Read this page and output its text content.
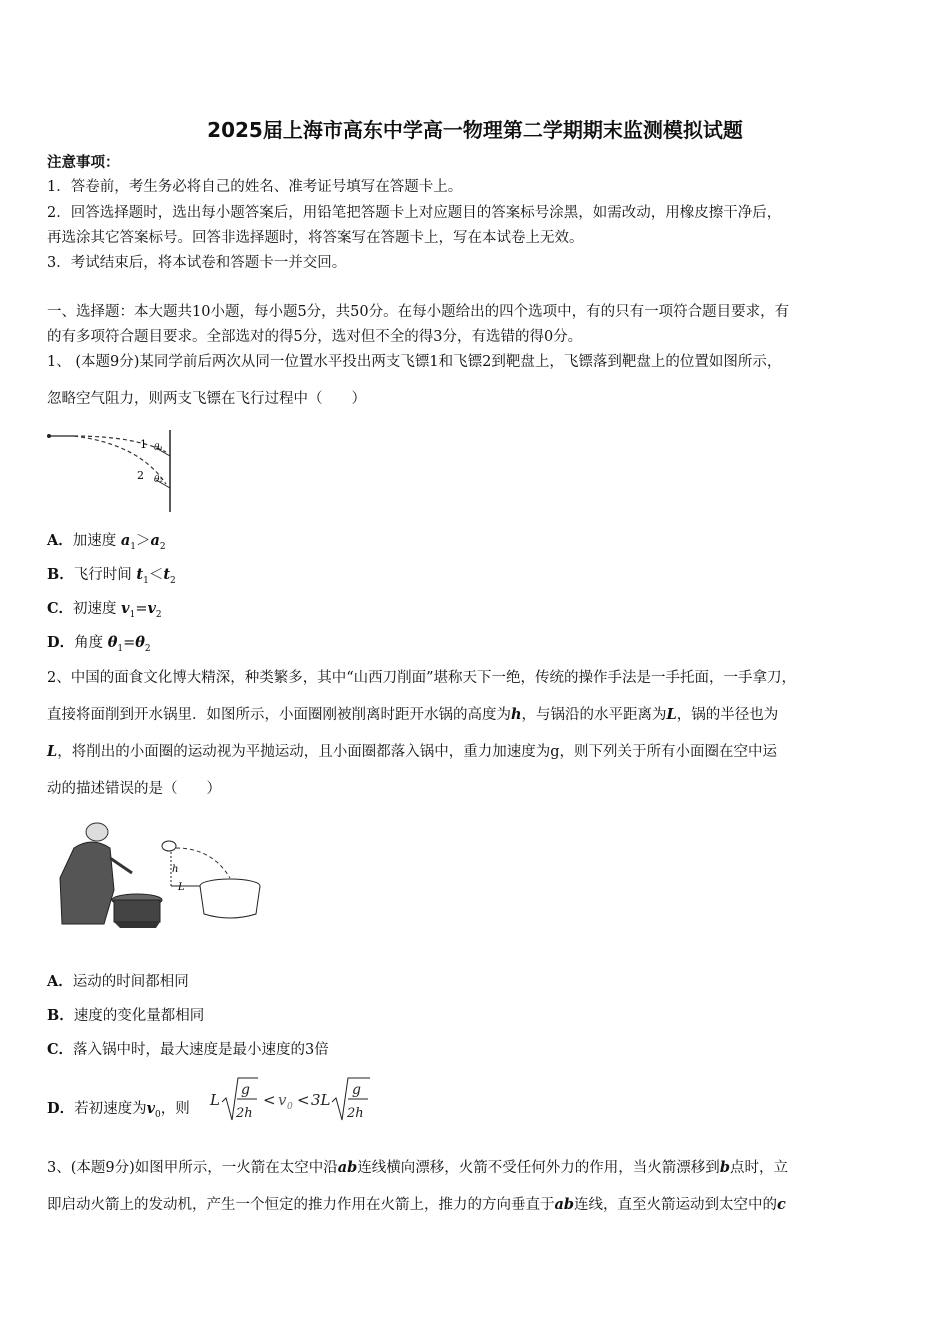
2025届上海市高东中学高一物理第二学期期末监测模拟试题
注意事项：
1．答卷前，考生务必将自己的姓名、准考证号填写在答题卡上。
2．回答选择题时，选出每小题答案后，用铅笔把答题卡上对应题目的答案标号涂黑，如需改动，用橡皮擦干净后，
再选涂其它答案标号。回答非选择题时，将答案写在答题卡上，写在本试卷上无效。
3．考试结束后，将本试卷和答题卡一并交回。
一、选择题：本大题共10小题，每小题5分，共50分。在每小题给出的四个选项中，有的只有一项符合题目要求，有
的有多项符合题目要求。全部选对的得5分，选对但不全的得3分，有选错的得0分。
1、 (本题9分)某同学前后两次从同一位置水平投出两支飞镖1和飞镖2到靶盘上，飞镖落到靶盘上的位置如图所示，
忽略空气阻力，则两支飞镖在飞行过程中（　　）
1
2
θ₁
θ₂
A．加速度 $a_1>a_2$
B．飞行时间 $t_1<t_2$
C．初速度 $v_1=v_2$
D．角度 $\theta_1=\theta_2$
2、中国的面食文化博大精深，种类繁多，其中“山西刀削面”堪称天下一绝，传统的操作手法是一手托面，一手拿刀，
直接将面削到开水锅里．如图所示，小面圈刚被削离时距开水锅的高度为h，与锅沿的水平距离为L，锅的半径也为
L，将削出的小面圈的运动视为平抛运动，且小面圈都落入锅中，重力加速度为g，则下列关于所有小面圈在空中运
动的描述错误的是（　　）
h
L
A．运动的时间都相同
B．速度的变化量都相同
C．落入锅中时，最大速度是最小速度的3倍
D．若初速度为$v_0$，则 L
g
2h
< v 0 < 3L
g
2h
3、(本题9分)如图甲所示，一火箭在太空中沿ab连线横向漂移，火箭不受任何外力的作用，当火箭漂移到b点时，立
即启动火箭上的发动机，产生一个恒定的推力作用在火箭上，推力的方向垂直于ab连线，直至火箭运动到太空中的c
